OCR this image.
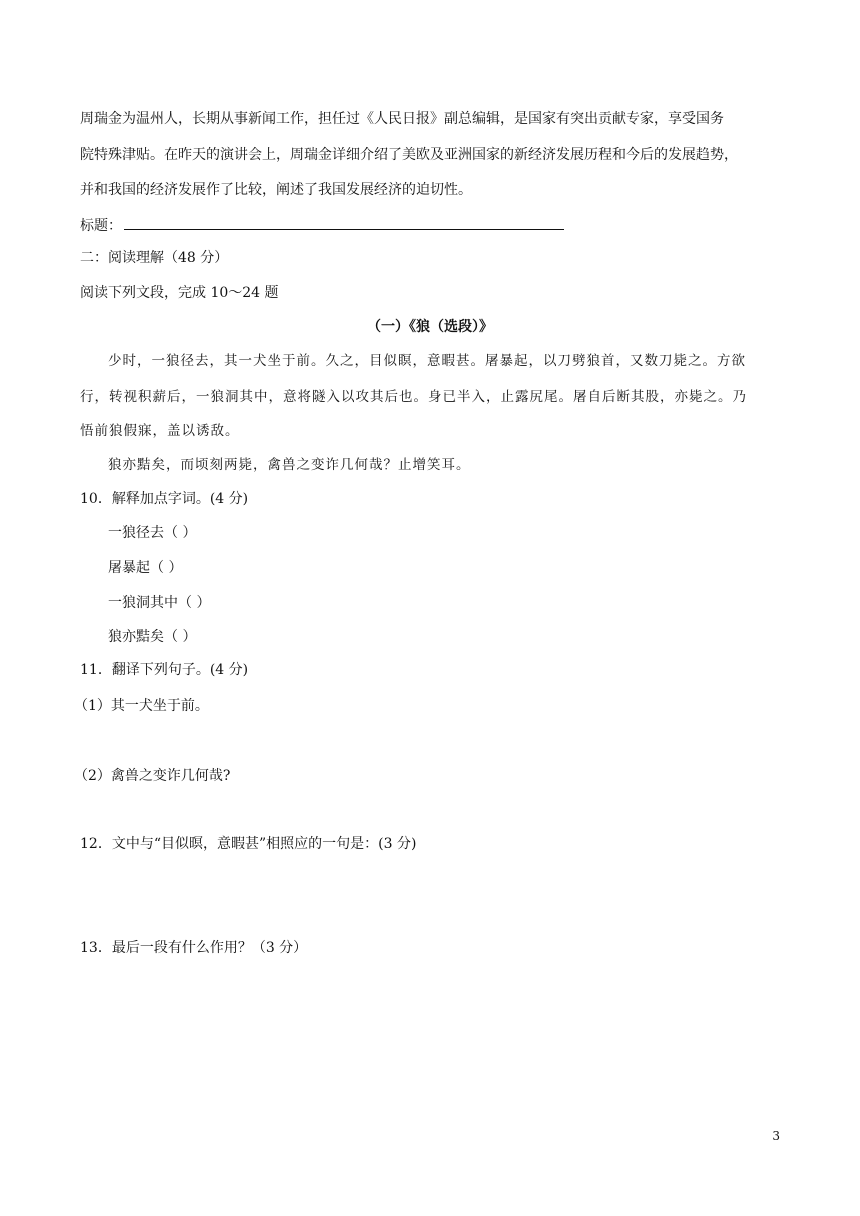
周瑞金为温州人，长期从事新闻工作，担任过《人民日报》副总编辑，是国家有突出贡献专家，享受国务
院特殊津贴。在昨天的演讲会上，周瑞金详细介绍了美欧及亚洲国家的新经济发展历程和今后的发展趋势，
并和我国的经济发展作了比较，阐述了我国发展经济的迫切性。
标题：
二：阅读理解（48 分）
阅读下列文段，完成 10～24 题
（一）《狼（选段）》
少时，一狼径去，其一犬坐于前。久之，目似瞑，意暇甚。屠暴起，以刀劈狼首，又数刀毙之。方欲
行，转视积薪后，一狼洞其中，意将隧入以攻其后也。身已半入，止露尻尾。屠自后断其股，亦毙之。乃
悟前狼假寐，盖以诱敌。
狼亦黠矣，而顷刻两毙，禽兽之变诈几何哉？止增笑耳。
10．解释加点字词。(4 分)
一狼径去（ ）
屠暴起（ ）
一狼洞其中（ ）
狼亦黠矣（ ）
11．翻译下列句子。(4 分)
（1）其一犬坐于前。
（2）禽兽之变诈几何哉?
12．文中与“目似暝，意暇甚”相照应的一句是：(3 分)
13．最后一段有什么作用？（3 分）
3
